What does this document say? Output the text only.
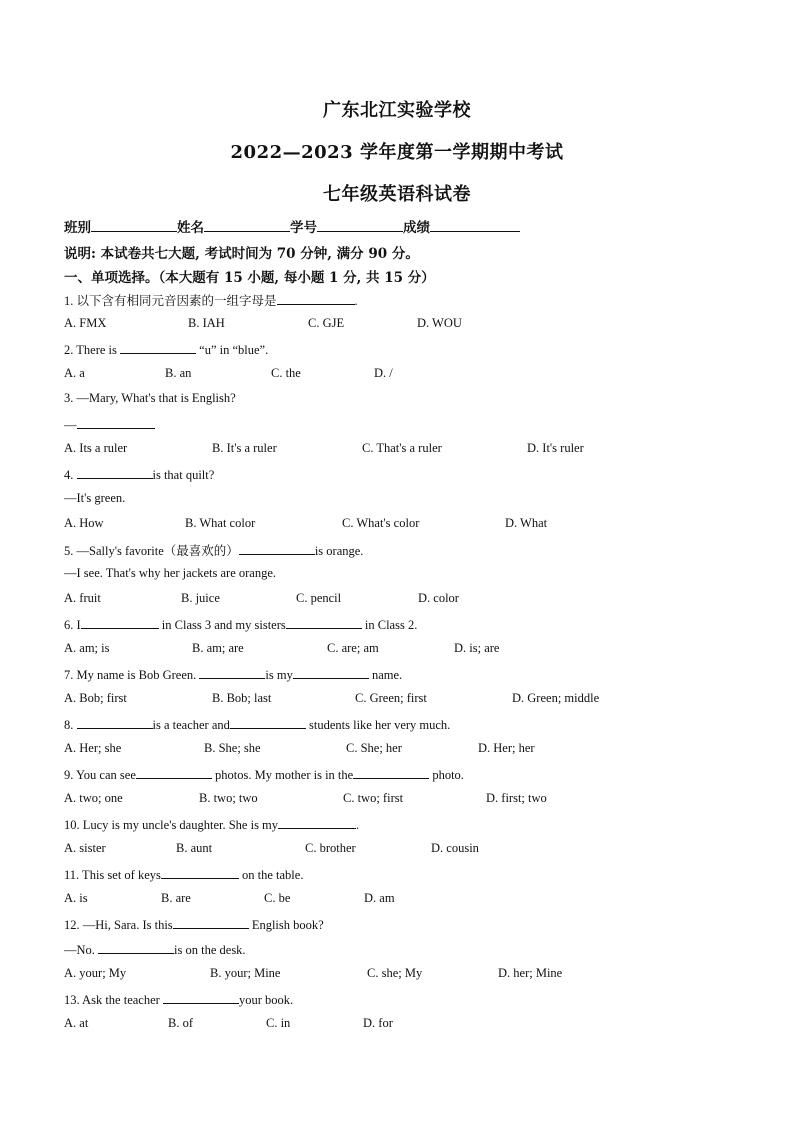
广东北江实验学校
2022—2023 学年度第一学期期中考试
七年级英语科试卷
班别	姓名	学号	成绩
说明: 本试卷共七大题, 考试时间为 70 分钟, 满分 90 分。
一、单项选择。（本大题有 15 小题, 每小题 1 分, 共 15 分）
1. 以下含有相同元音因素的一组字母是	.
A. FMX	B. IAH	C. GJE	D. WOU
2. There is	“u” in “blue”.
A. a	B. an	C. the	D. /
3. —Mary, What's that is English?
—
A. Its a ruler	B. It's a ruler	C. That's a ruler	D. It's ruler
4.	is that quilt?
—It's green.
A. How	B. What color	C. What's color	D. What
5. —Sally's favorite（最喜欢的）	is orange.
—I see. That's why her jackets are orange.
A. fruit	B. juice	C. pencil	D. color
6. I	in Class 3 and my sisters	in Class 2.
A. am; is	B. am; are	C. are; am	D. is; are
7. My name is Bob Green.	is my	name.
A. Bob; first	B. Bob; last	C. Green; first	D. Green; middle
8.	is a teacher and	students like her very much.
A. Her; she	B. She; she	C. She; her	D. Her; her
9. You can see	photos. My mother is in the	photo.
A. two; one	B. two; two	C. two; first	D. first; two
10. Lucy is my uncle's daughter. She is my	.
A. sister	B. aunt	C. brother	D. cousin
11. This set of keys	on the table.
A. is	B. are	C. be	D. am
12. —Hi, Sara. Is this	English book?
—No.	is on the desk.
A. your; My	B. your; Mine	C. she; My	D. her; Mine
13. Ask the teacher	your book.
A. at	B. of	C. in	D. for
